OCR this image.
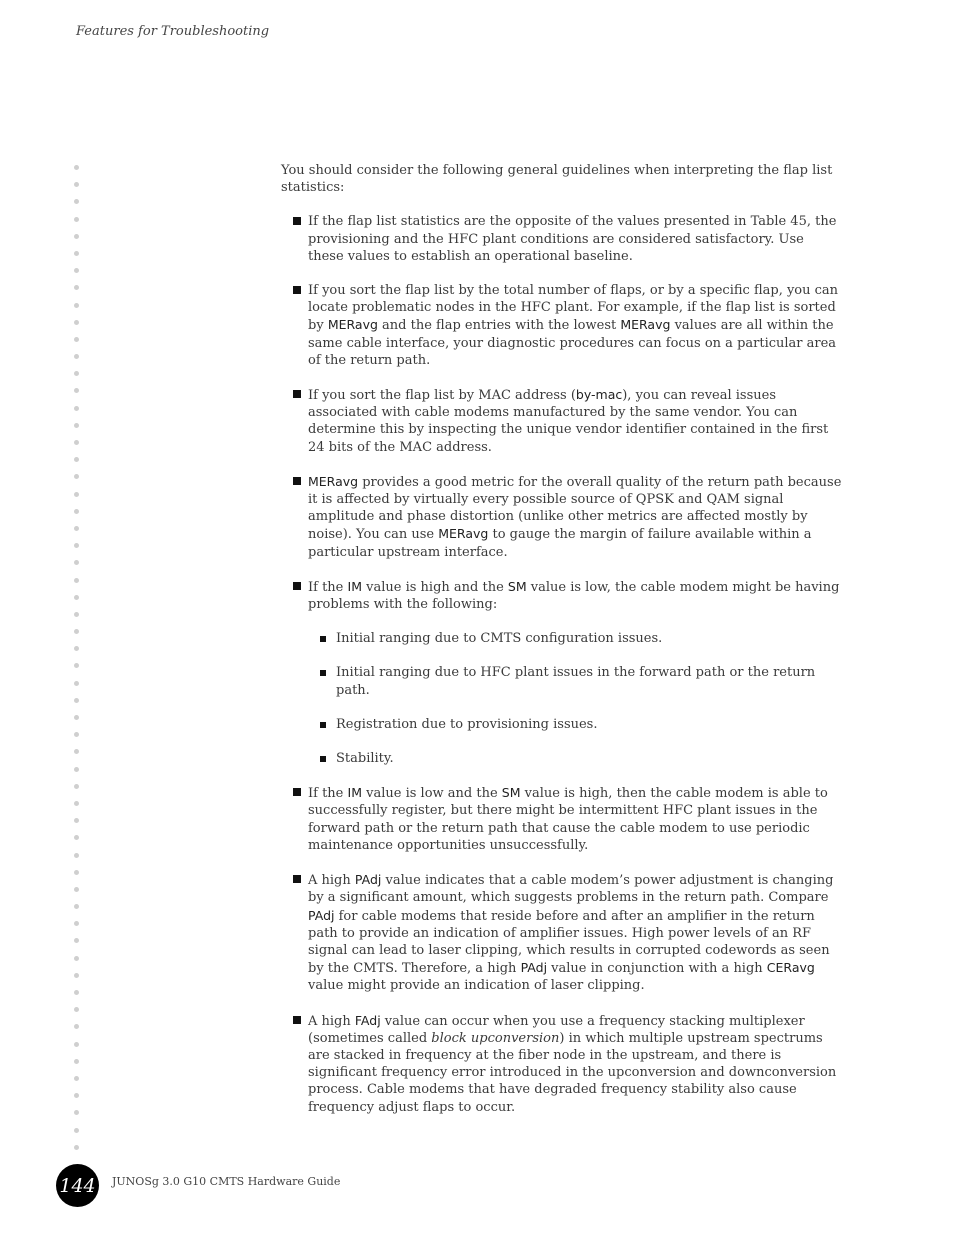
Features for Troubleshooting

You should consider the following general guidelines when interpreting the flap list statistics:

If the flap list statistics are the opposite of the values presented in Table 45, the provisioning and the HFC plant conditions are considered satisfactory. Use these values to establish an operational baseline.
If you sort the flap list by the total number of flaps, or by a specific flap, you can locate problematic nodes in the HFC plant. For example, if the flap list is sorted by MERavg and the flap entries with the lowest MERavg values are all within the same cable interface, your diagnostic procedures can focus on a particular area of the return path.
If you sort the flap list by MAC address (by-mac), you can reveal issues associated with cable modems manufactured by the same vendor. You can determine this by inspecting the unique vendor identifier contained in the first 24 bits of the MAC address.
MERavg provides a good metric for the overall quality of the return path because it is affected by virtually every possible source of QPSK and QAM signal amplitude and phase distortion (unlike other metrics are affected mostly by noise). You can use MERavg to gauge the margin of failure available within a particular upstream interface.
If the IM value is high and the SM value is low, the cable modem might be having problems with the following:
Initial ranging due to CMTS configuration issues.
Initial ranging due to HFC plant issues in the forward path or the return path.
Registration due to provisioning issues.
Stability.
If the IM value is low and the SM value is high, then the cable modem is able to successfully register, but there might be intermittent HFC plant issues in the forward path or the return path that cause the cable modem to use periodic maintenance opportunities unsuccessfully.
A high PAdj value indicates that a cable modem’s power adjustment is changing by a significant amount, which suggests problems in the return path. Compare PAdj for cable modems that reside before and after an amplifier in the return path to provide an indication of amplifier issues. High power levels of an RF signal can lead to laser clipping, which results in corrupted codewords as seen by the CMTS. Therefore, a high PAdj value in conjunction with a high CERavg value might provide an indication of laser clipping.
A high FAdj value can occur when you use a frequency stacking multiplexer (sometimes called block upconversion) in which multiple upstream spectrums are stacked in frequency at the fiber node in the upstream, and there is significant frequency error introduced in the upconversion and downconversion process. Cable modems that have degraded frequency stability also cause frequency adjust flaps to occur.
144	JUNOSg 3.0 G10 CMTS Hardware Guide
